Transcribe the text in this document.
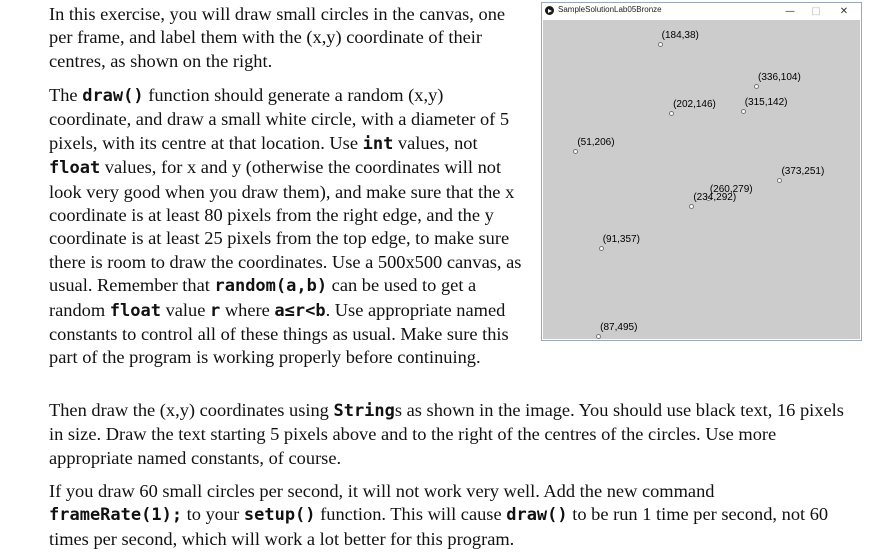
In this exercise, you will draw small circles in the canvas, one per frame, and label them with the (x,y) coordinate of their centres, as shown on the right.

The draw() function should generate a random (x,y) coordinate, and draw a small white circle, with a diameter of 5 pixels, with its centre at that location. Use int values, not float values, for x and y (otherwise the coordinates will not look very good when you draw them), and make sure that the x coordinate is at least 80 pixels from the right edge, and the y coordinate is at least 25 pixels from the top edge, to make sure there is room to draw the coordinates. Use a 500x500 canvas, as usual. Remember that random(a,b) can be used to get a random float value r where a≤r<b. Use appropriate named constants to control all of these things as usual. Make sure this part of the program is working properly before continuing.

Then draw the (x,y) coordinates using Strings as shown in the image. You should use black text, 16 pixels in size. Draw the text starting 5 pixels above and to the right of the centres of the circles. Use more appropriate named constants, of course.

If you draw 60 small circles per second, it will not work very well. Add the new command frameRate(1); to your setup() function. This will cause draw() to be run 1 time per second, not 60 times per second, which will work a lot better for this program.

SampleSolutionLab05Bronze	—	□	✕
(184,38)
(336,104)
(202,146)	(315,142)
(51,206)
(373,251)
(260,279)
(234,292)
(91,357)
(87,495)
